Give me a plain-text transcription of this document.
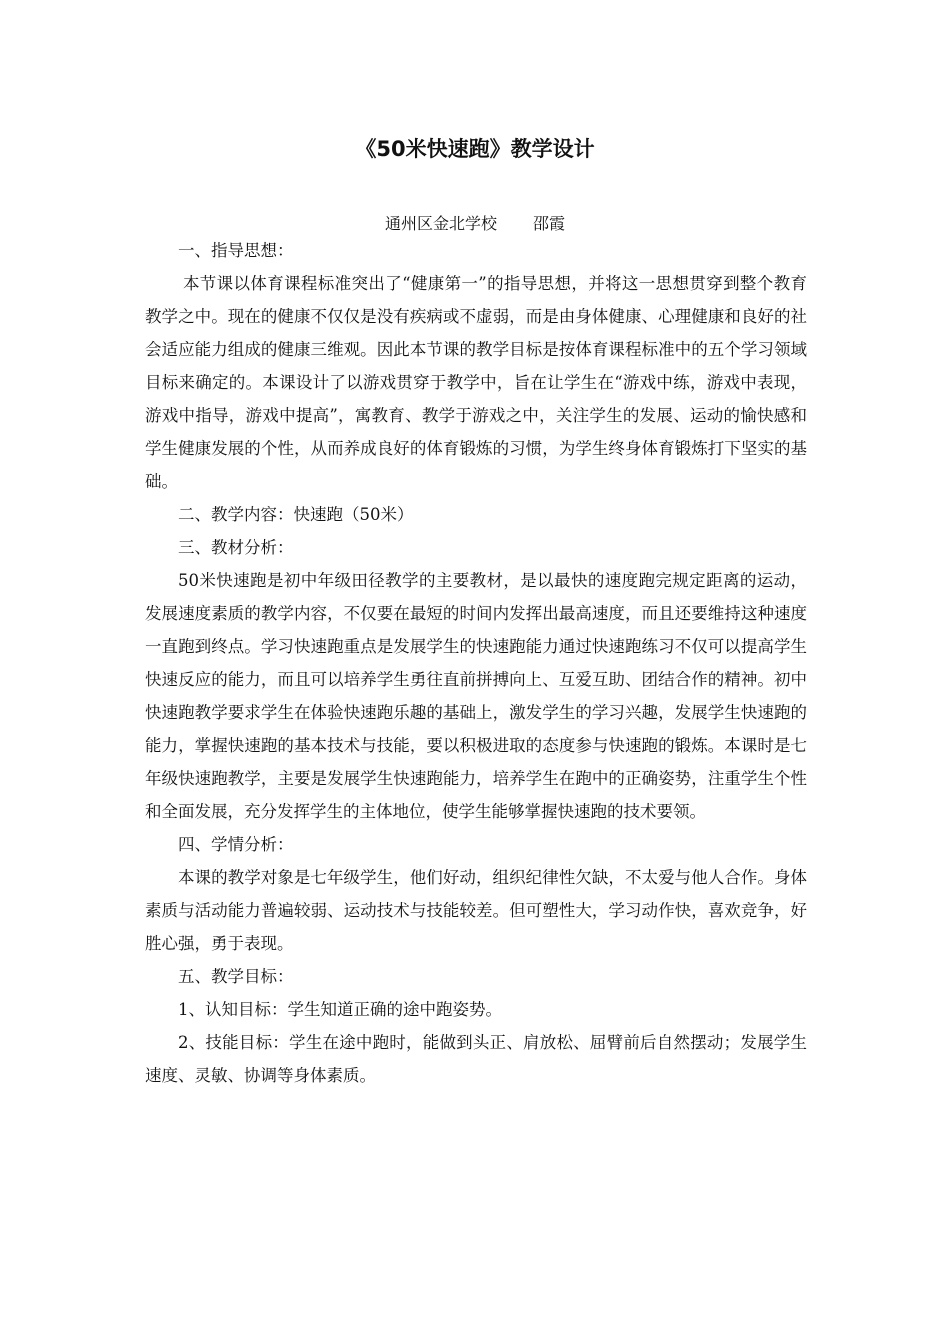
《50米快速跑》教学设计
通州区金北学校 邵霞

一、指导思想：

本节课以体育课程标准突出了“健康第一”的指导思想，并将这一思想贯穿到整个教育教学之中。现在的健康不仅仅是没有疾病或不虚弱，而是由身体健康、心理健康和良好的社会适应能力组成的健康三维观。因此本节课的教学目标是按体育课程标准中的五个学习领域目标来确定的。本课设计了以游戏贯穿于教学中，旨在让学生在“游戏中练，游戏中表现，游戏中指导，游戏中提高”，寓教育、教学于游戏之中，关注学生的发展、运动的愉快感和学生健康发展的个性，从而养成良好的体育锻炼的习惯，为学生终身体育锻炼打下坚实的基础。

二、教学内容：快速跑（50米）

三、教材分析：

50米快速跑是初中年级田径教学的主要教材，是以最快的速度跑完规定距离的运动，发展速度素质的教学内容，不仅要在最短的时间内发挥出最高速度，而且还要维持这种速度一直跑到终点。学习快速跑重点是发展学生的快速跑能力通过快速跑练习不仅可以提高学生快速反应的能力，而且可以培养学生勇往直前拼搏向上、互爱互助、团结合作的精神。初中快速跑教学要求学生在体验快速跑乐趣的基础上，激发学生的学习兴趣，发展学生快速跑的能力，掌握快速跑的基本技术与技能，要以积极进取的态度参与快速跑的锻炼。本课时是七年级快速跑教学，主要是发展学生快速跑能力，培养学生在跑中的正确姿势，注重学生个性和全面发展，充分发挥学生的主体地位，使学生能够掌握快速跑的技术要领。

四、学情分析：

本课的教学对象是七年级学生，他们好动，组织纪律性欠缺，不太爱与他人合作。身体素质与活动能力普遍较弱、运动技术与技能较差。但可塑性大，学习动作快，喜欢竞争，好胜心强，勇于表现。

五、教学目标：

1、认知目标：学生知道正确的途中跑姿势。

2、技能目标：学生在途中跑时，能做到头正、肩放松、屈臂前后自然摆动；发展学生速度、灵敏、协调等身体素质。
